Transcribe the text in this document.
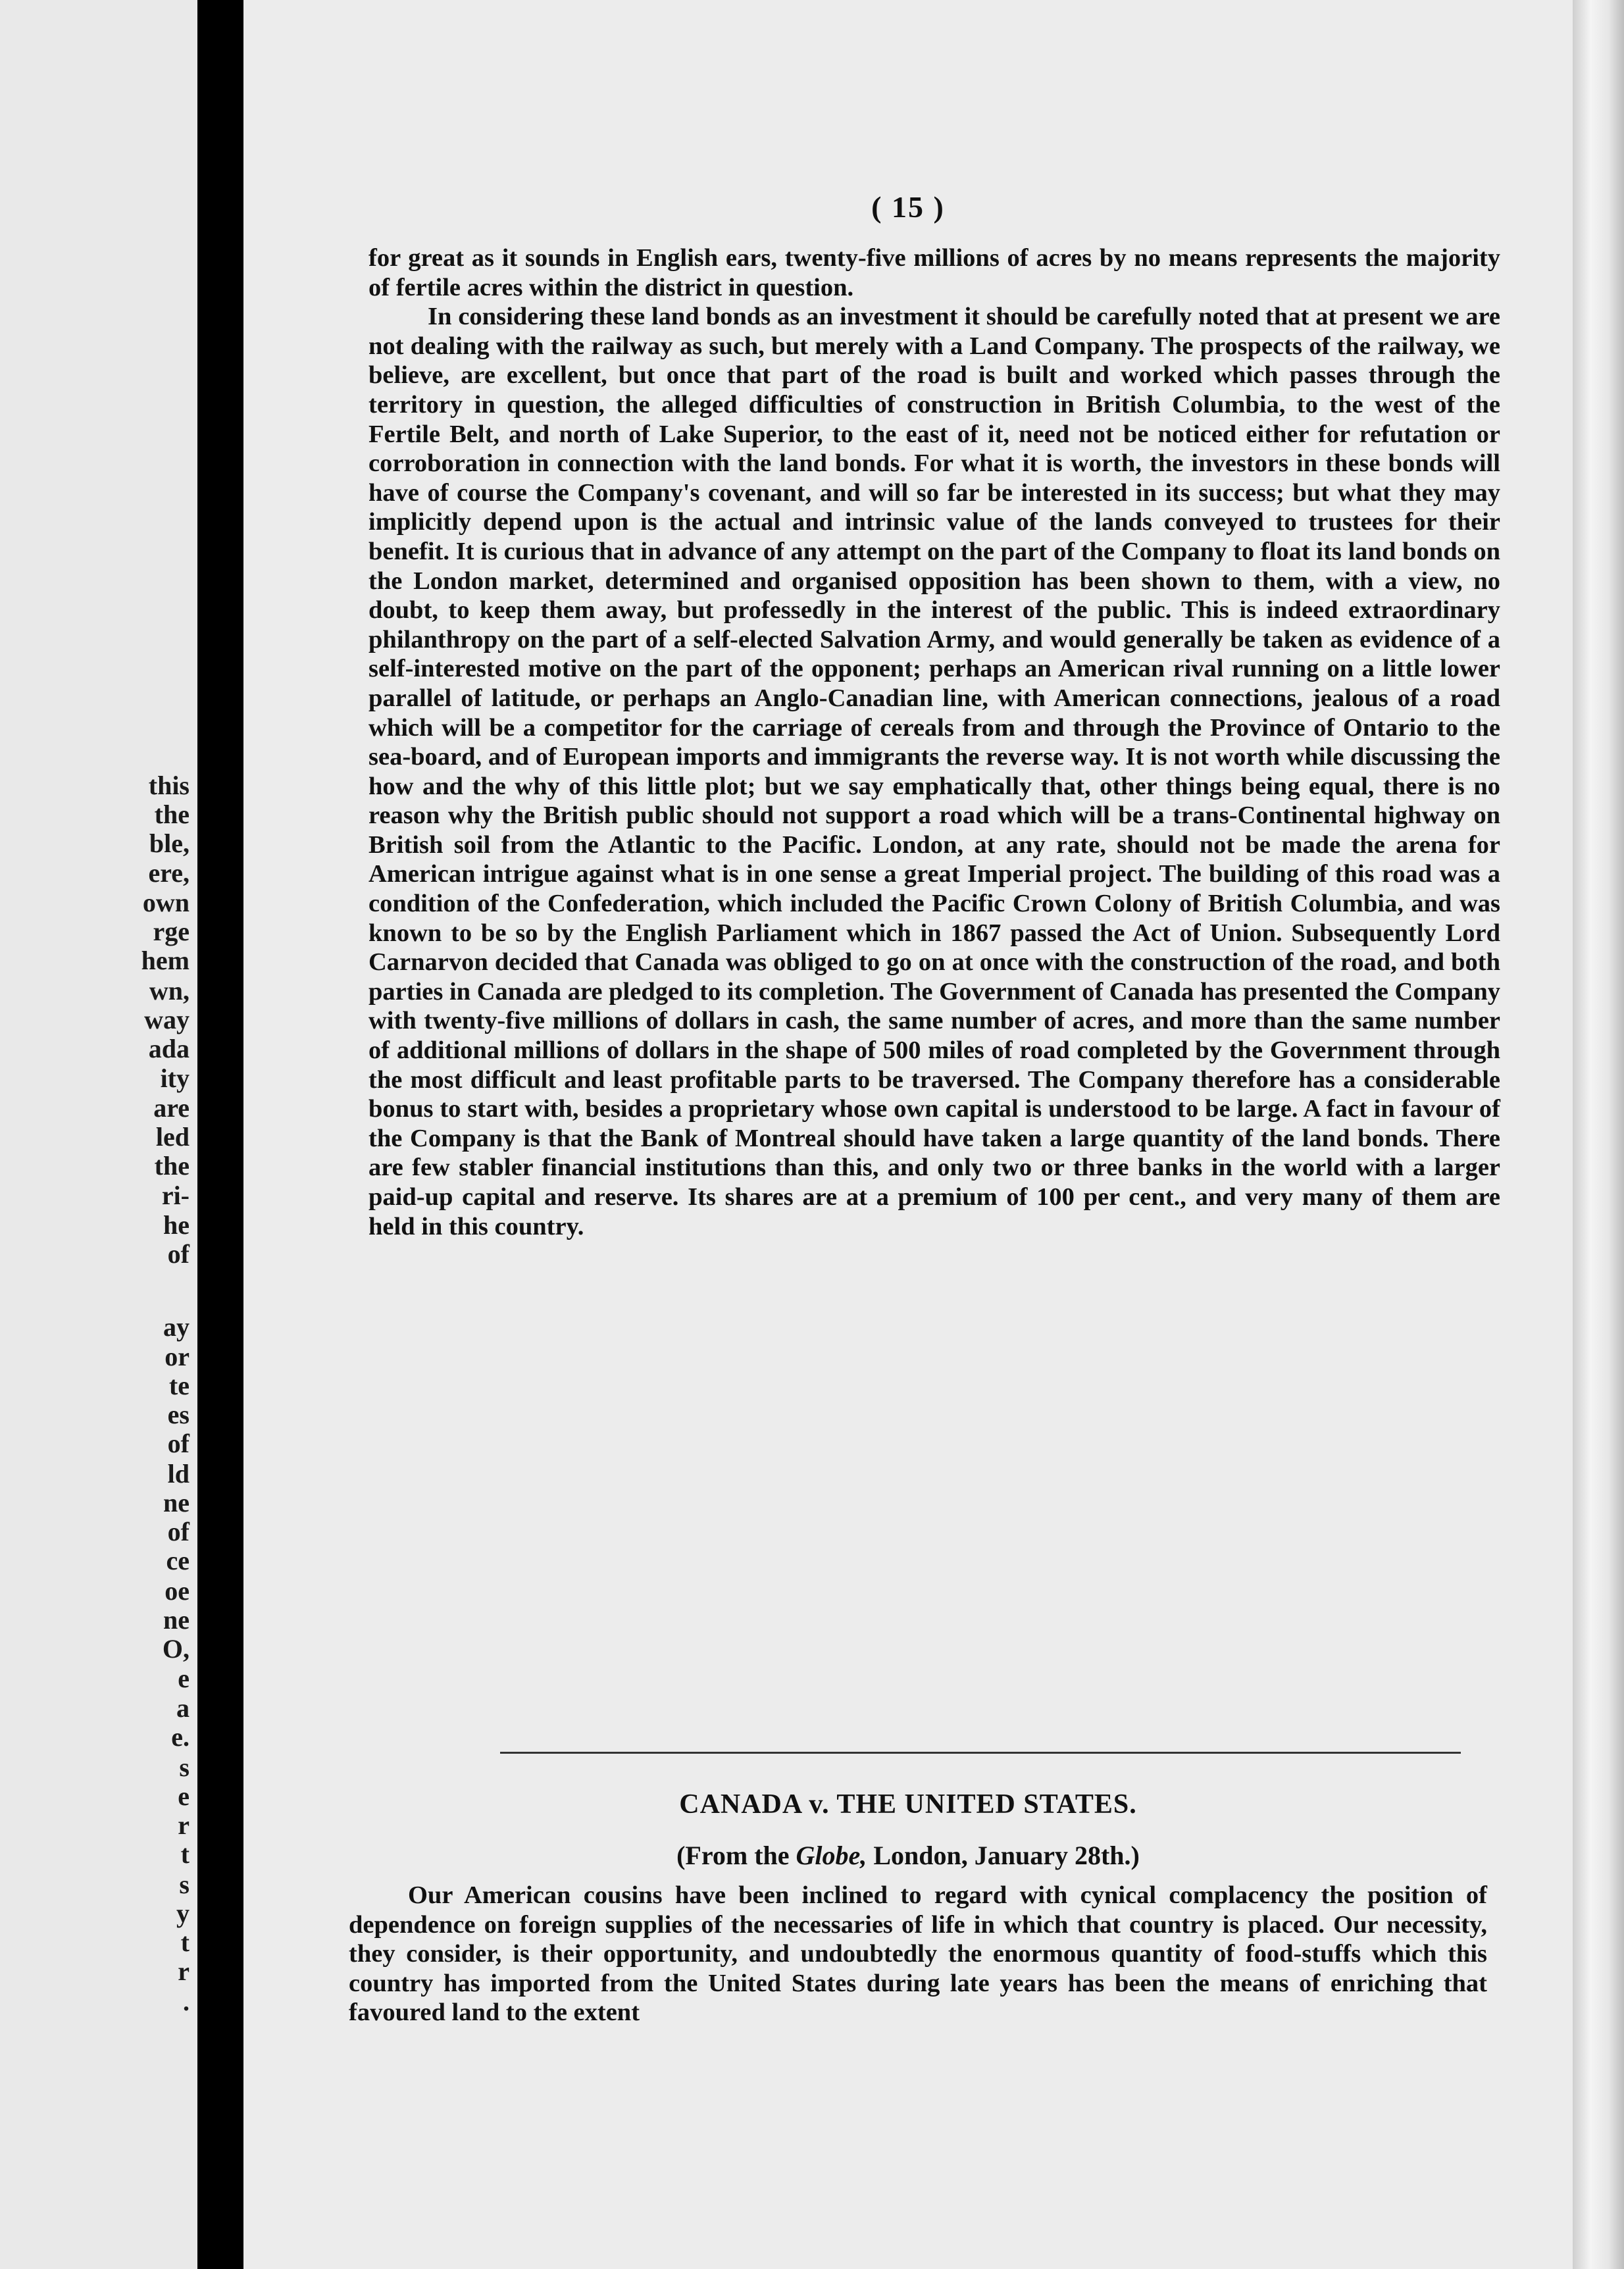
this
the
ble,
ere,
own
rge
hem
wn,
way
ada
ity
are
led
the
ri-
he
of
ay
or
te
es
of
ld
ne
of
ce
oe
ne
O,
e
a
e.
s
e
r
t
s
y
t
r
.
( 15 )

for great as it sounds in English ears, twenty-five millions of acres by no means represents the majority of fertile acres within the district in question.

In considering these land bonds as an investment it should be carefully noted that at present we are not dealing with the railway as such, but merely with a Land Company. The prospects of the railway, we believe, are excellent, but once that part of the road is built and worked which passes through the territory in question, the alleged difficulties of construction in British Columbia, to the west of the Fertile Belt, and north of Lake Superior, to the east of it, need not be noticed either for refutation or corroboration in connection with the land bonds. For what it is worth, the investors in these bonds will have of course the Company's covenant, and will so far be interested in its success; but what they may implicitly depend upon is the actual and intrinsic value of the lands conveyed to trustees for their benefit. It is curious that in advance of any attempt on the part of the Company to float its land bonds on the London market, determined and organised opposition has been shown to them, with a view, no doubt, to keep them away, but professedly in the interest of the public. This is indeed extraordinary philanthropy on the part of a self-elected Salvation Army, and would generally be taken as evidence of a self-interested motive on the part of the opponent; perhaps an American rival running on a little lower parallel of latitude, or perhaps an Anglo-Canadian line, with American connections, jealous of a road which will be a competitor for the carriage of cereals from and through the Province of Ontario to the sea-board, and of European imports and immigrants the reverse way. It is not worth while discussing the how and the why of this little plot; but we say emphatically that, other things being equal, there is no reason why the British public should not support a road which will be a trans-Continental highway on British soil from the Atlantic to the Pacific. London, at any rate, should not be made the arena for American intrigue against what is in one sense a great Imperial project. The building of this road was a condition of the Confederation, which included the Pacific Crown Colony of British Columbia, and was known to be so by the English Parliament which in 1867 passed the Act of Union. Subsequently Lord Carnarvon decided that Canada was obliged to go on at once with the construction of the road, and both parties in Canada are pledged to its completion. The Government of Canada has presented the Company with twenty-five millions of dollars in cash, the same number of acres, and more than the same number of additional millions of dollars in the shape of 500 miles of road completed by the Government through the most difficult and least profitable parts to be traversed. The Company therefore has a considerable bonus to start with, besides a proprietary whose own capital is understood to be large. A fact in favour of the Company is that the Bank of Montreal should have taken a large quantity of the land bonds. There are few stabler financial institutions than this, and only two or three banks in the world with a larger paid-up capital and reserve. Its shares are at a premium of 100 per cent., and very many of them are held in this country.

CANADA v. THE UNITED STATES.
(From the Globe, London, January 28th.)

Our American cousins have been inclined to regard with cynical complacency the position of dependence on foreign supplies of the necessaries of life in which that country is placed. Our necessity, they consider, is their opportunity, and undoubtedly the enormous quantity of food-stuffs which this country has imported from the United States during late years has been the means of enriching that favoured land to the extent
